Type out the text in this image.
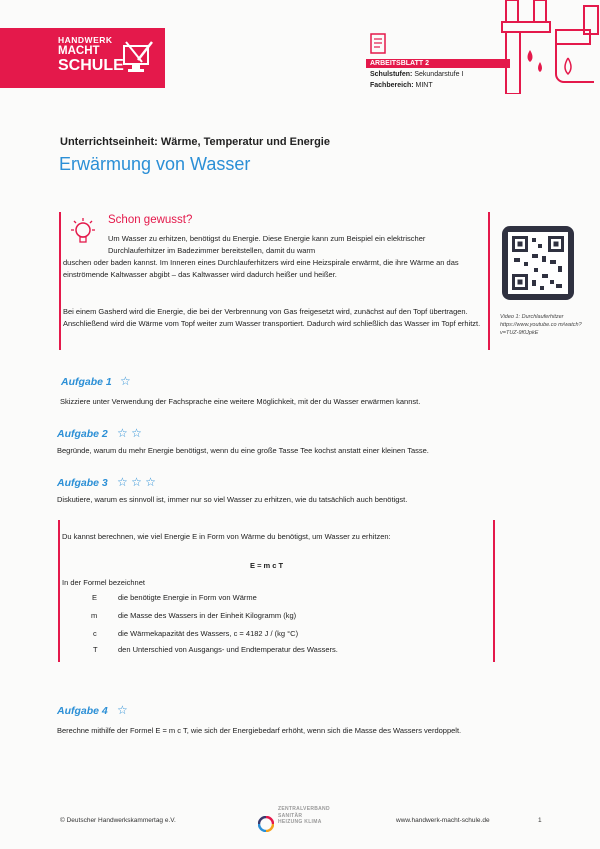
HANDWERK
MACHT
SCHULE	ARBEITSBLATT 2
Schulstufen: Sekundarstufe I
Fachbereich: MINT
Unterrichtseinheit: Wärme, Temperatur und Energie
Erwärmung von Wasser
Schon gewusst?
Um Wasser zu erhitzen, benötigst du Energie. Diese Energie kann zum Beispiel ein elektrischer Durchlauferhitzer im Badezimmer bereitstellen, damit du warm
duschen oder baden kannst. Im Inneren eines Durchlauferhitzers wird eine Heizspirale erwärmt, die ihre Wärme an das einströmende Kaltwasser abgibt – das Kaltwasser wird dadurch heißer und heißer.
Bei einem Gasherd wird die Energie, die bei der Verbrennung von Gas freigesetzt wird, zunächst auf den Topf übertragen. Anschließend wird die Wärme vom Topf weiter zum Wasser transportiert. Dadurch wird schließlich das Wasser im Topf erhitzt.
Video 1: Durchlauferhitzer https://www.youtube.co m/watch?v=TUZ-9f0JpkE
Aufgabe 1 ☆
Skizziere unter Verwendung der Fachsprache eine weitere Möglichkeit, mit der du Wasser erwärmen kannst.
Aufgabe 2 ☆ ☆
Begründe, warum du mehr Energie benötigst, wenn du eine große Tasse Tee kochst anstatt einer kleinen Tasse.
Aufgabe 3 ☆ ☆ ☆
Diskutiere, warum es sinnvoll ist, immer nur so viel Wasser zu erhitzen, wie du tatsächlich auch benötigst.
Du kannst berechnen, wie viel Energie E in Form von Wärme du benötigst, um Wasser zu erhitzen:
E = m c T
In der Formel bezeichnet
E	die benötigte Energie in Form von Wärme
m	die Masse des Wassers in der Einheit Kilogramm (kg)
c	die Wärmekapazität des Wassers, c = 4182 J / (kg °C)
T	den Unterschied von Ausgangs- und Endtemperatur des Wassers.
Aufgabe 4 ☆
Berechne mithilfe der Formel E = m c T, wie sich der Energiebedarf erhöht, wenn sich die Masse des Wassers verdoppelt.
© Deutscher Handwerkskammertag e.V.
ZENTRALVERBAND
SANITÄR
HEIZUNG KLIMA	www.handwerk-macht-schule.de	1
